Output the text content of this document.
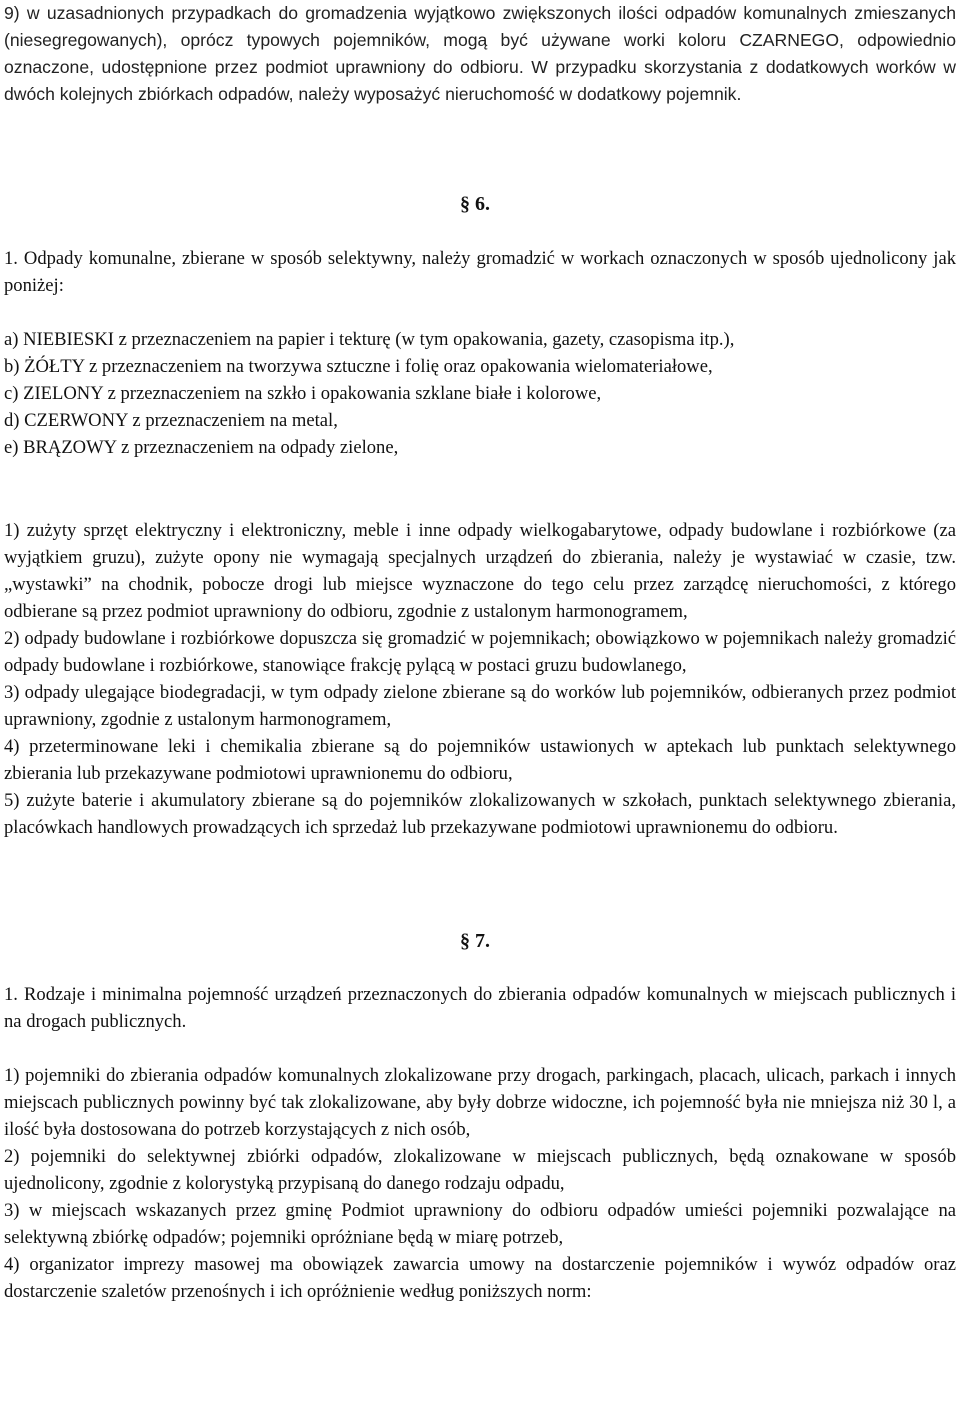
9) w uzasadnionych przypadkach do gromadzenia wyjątkowo zwiększonych ilości odpadów komunalnych zmieszanych (niesegregowanych), oprócz typowych pojemników, mogą być używane worki koloru CZARNEGO, odpowiednio oznaczone, udostępnione przez podmiot uprawniony do odbioru. W przypadku skorzystania z dodatkowych worków w dwóch kolejnych zbiórkach odpadów, należy wyposażyć nieruchomość w dodatkowy pojemnik.

§ 6.

1. Odpady komunalne, zbierane w sposób selektywny, należy gromadzić w workach oznaczonych w sposób ujednolicony jak poniżej:

a) NIEBIESKI z przeznaczeniem na papier i tekturę (w tym opakowania, gazety, czasopisma itp.),

b) ŻÓŁTY z przeznaczeniem na tworzywa sztuczne i folię oraz opakowania wielomateriałowe,

c) ZIELONY z przeznaczeniem na szkło i opakowania szklane białe i kolorowe,

d) CZERWONY z przeznaczeniem na metal,

e) BRĄZOWY z przeznaczeniem na odpady zielone,

1) zużyty sprzęt elektryczny i elektroniczny, meble i inne odpady wielkogabarytowe, odpady budowlane i rozbiórkowe (za wyjątkiem gruzu), zużyte opony nie wymagają specjalnych urządzeń do zbierania, należy je wystawiać w czasie, tzw. „wystawki” na chodnik, pobocze drogi lub miejsce wyznaczone do tego celu przez zarządcę nieruchomości, z którego odbierane są przez podmiot uprawniony do odbioru, zgodnie z ustalonym harmonogramem,
2) odpady budowlane i rozbiórkowe dopuszcza się gromadzić w pojemnikach; obowiązkowo w pojemnikach należy gromadzić odpady budowlane i rozbiórkowe, stanowiące frakcję pylącą w postaci gruzu budowlanego,
3) odpady ulegające biodegradacji, w tym odpady zielone zbierane są do worków lub pojemników, odbieranych przez podmiot uprawniony, zgodnie z ustalonym harmonogramem,
4) przeterminowane leki i chemikalia zbierane są do pojemników ustawionych w aptekach lub punktach selektywnego zbierania lub przekazywane podmiotowi uprawnionemu do odbioru,
5) zużyte baterie i akumulatory zbierane są do pojemników zlokalizowanych w szkołach, punktach selektywnego zbierania, placówkach handlowych prowadzących ich sprzedaż lub przekazywane podmiotowi uprawnionemu do odbioru.

§ 7.

1. Rodzaje i minimalna pojemność urządzeń przeznaczonych do zbierania odpadów komunalnych w miejscach publicznych i na drogach publicznych.

1) pojemniki do zbierania odpadów komunalnych zlokalizowane przy drogach, parkingach, placach, ulicach, parkach i innych miejscach publicznych powinny być tak zlokalizowane, aby były dobrze widoczne, ich pojemność była nie mniejsza niż 30 l, a ilość była dostosowana do potrzeb korzystających z nich osób,
2) pojemniki do selektywnej zbiórki odpadów, zlokalizowane w miejscach publicznych, będą oznakowane w sposób ujednolicony, zgodnie z kolorystyką przypisaną do danego rodzaju odpadu,
3) w miejscach wskazanych przez gminę Podmiot uprawniony do odbioru odpadów umieści pojemniki pozwalające na selektywną zbiórkę odpadów; pojemniki opróżniane będą w miarę potrzeb,
4) organizator imprezy masowej ma obowiązek zawarcia umowy na dostarczenie pojemników i wywóz odpadów oraz dostarczenie szaletów przenośnych i ich opróżnienie według poniższych norm:
